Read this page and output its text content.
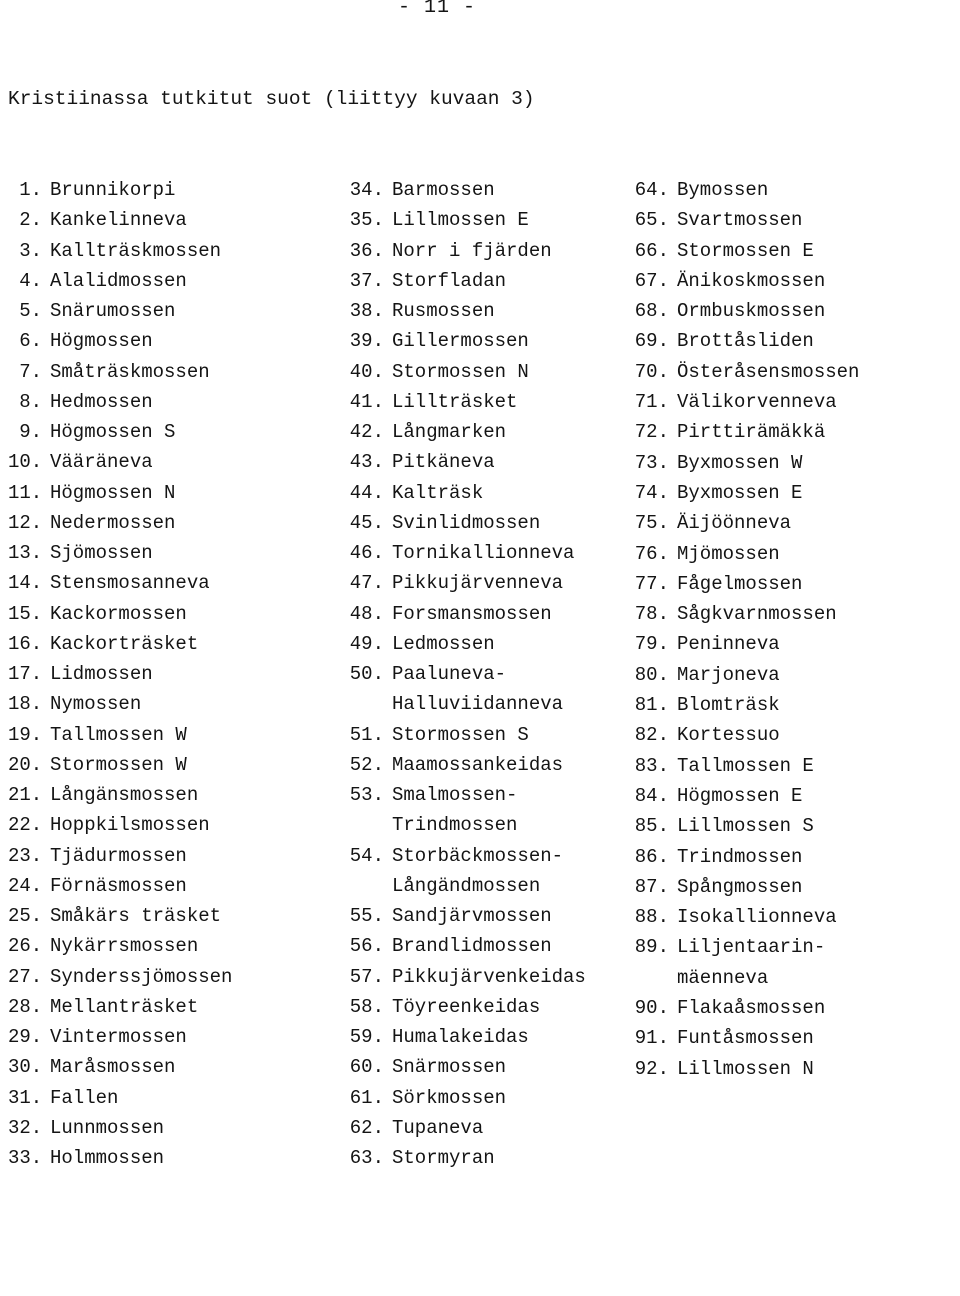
- 11 -
Kristiinassa tutkitut suot (liittyy kuvaan 3)
1. Brunnikorpi
2. Kankelinneva
3. Kallträskmossen
4. Alalidmossen
5. Snärumossen
6. Högmossen
7. Småträskmossen
8. Hedmossen
9. Högmossen S
10. Vääräneva
11. Högmossen N
12. Nedermossen
13. Sjömossen
14. Stensmosanneva
15. Kackormossen
16. Kackorträsket
17. Lidmossen
18. Nymossen
19. Tallmossen W
20. Stormossen W
21. Långänsmossen
22. Hoppkilsmossen
23. Tjädurmossen
24. Förnäsmossen
25. Småkärs träsket
26. Nykärrsmossen
27. Synderssjömossen
28. Mellanträsket
29. Vintermossen
30. Maråsmossen
31. Fallen
32. Lunnmossen
33. Holmmossen
34. Barmossen
35. Lillmossen E
36. Norr i fjärden
37. Storfladan
38. Rusmossen
39. Gillermossen
40. Stormossen N
41. Lillträsket
42. Långmarken
43. Pitkäneva
44. Kalträsk
45. Svinlidmossen
46. Tornikallionneva
47. Pikkujärvenneva
48. Forsmansmossen
49. Ledmossen
50. Paaluneva-
Halluviidanneva
51. Stormossen S
52. Maamossankeidas
53. Smalmossen-
Trindmossen
54. Storbäckmossen-
Långändmossen
55. Sandjärvmossen
56. Brandlidmossen
57. Pikkujärvenkeidas
58. Töyreenkeidas
59. Humalakeidas
60. Snärmossen
61. Sörkmossen
62. Tupaneva
63. Stormyran
64. Bymossen
65. Svartmossen
66. Stormossen E
67. Änikoskmossen
68. Ormbuskmossen
69. Brottåsliden
70. Österåsensmossen
71. Välikorvenneva
72. Pirttirämäkkä
73. Byxmossen W
74. Byxmossen E
75. Äijöönneva
76. Mjömossen
77. Fågelmossen
78. Sågkvarnmossen
79. Peninneva
80. Marjoneva
81. Blomträsk
82. Kortessuo
83. Tallmossen E
84. Högmossen E
85. Lillmossen S
86. Trindmossen
87. Spångmossen
88. Isokallionneva
89. Liljentaarin-
mäenneva
90. Flakaåsmossen
91. Funtåsmossen
92. Lillmossen N
